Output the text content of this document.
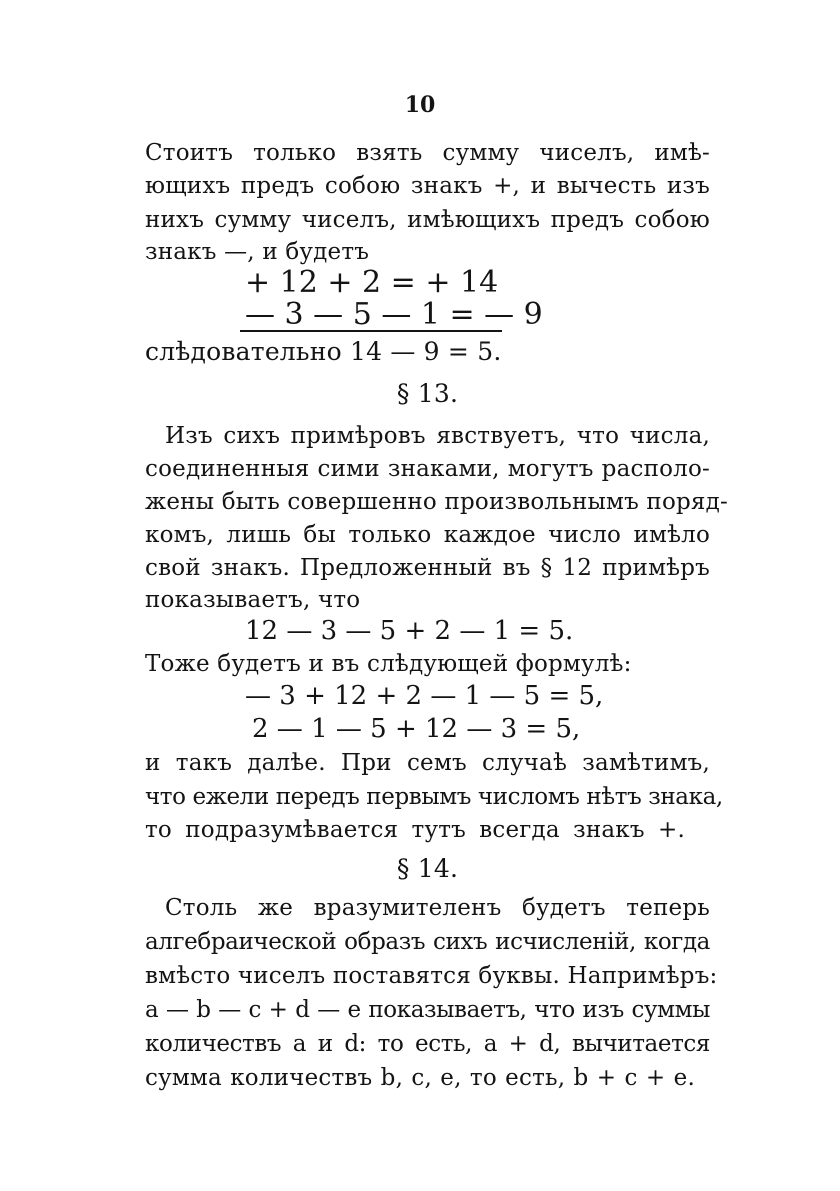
10
Стоитъ только взять сумму чиселъ, имѣ-
ющихъ предъ собою знакъ +, и вычесть изъ
нихъ сумму чиселъ, имѣющихъ предъ собою
знакъ —, и будетъ
+ 12 + 2 = + 14
— 3 — 5 — 1 = — 9
слѣдовательно 14 — 9 = 5.
§ 13.
Изъ сихъ примѣровъ явствуетъ, что числа,
соединенныя сими знаками, могутъ располо-
жены быть совершенно произвольнымъ поряд-
комъ, лишь бы только каждое число имѣло
свой знакъ. Предложенный въ § 12 примѣръ
показываетъ, что
12 — 3 — 5 + 2 — 1 = 5.
Тоже будетъ и въ слѣдующей формулѣ:
— 3 + 12 + 2 — 1 — 5 = 5,
2 — 1 — 5 + 12 — 3 = 5,
и такъ далѣе. При семъ случаѣ замѣтимъ,
что ежели передъ первымъ числомъ нѣтъ знака,
то подразумѣвается тутъ всегда знакъ +.
§ 14.
Столь же вразумителенъ будетъ теперь
алгебраической образъ сихъ исчисленій, когда
вмѣсто чиселъ поставятся буквы. Напримѣръ:
a — b — c + d — e показываетъ, что изъ суммы
количествъ a и d: то есть, a + d, вычитается
сумма количествъ b, c, e, то есть, b + c + e.
